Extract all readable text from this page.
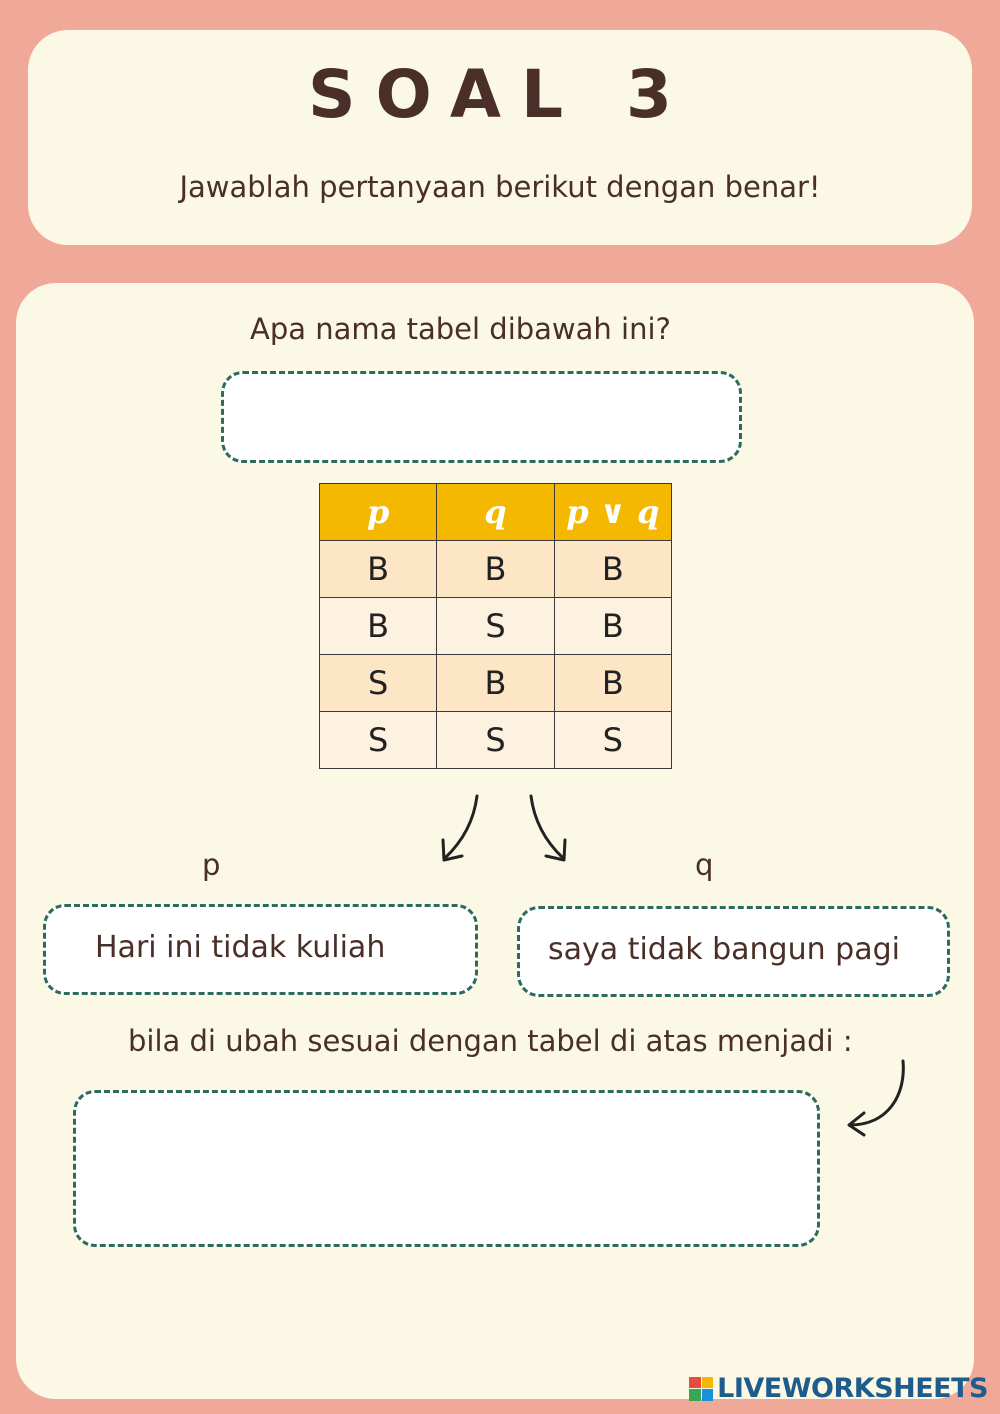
SOAL 3
Jawablah pertanyaan berikut dengan benar!
Apa nama tabel dibawah ini?
p	q	p ∨ q
B	B	B
B	S	B
S	B	B
S	S	S
p	q
Hari ini tidak kuliah	saya tidak bangun pagi
bila di ubah sesuai dengan tabel di atas menjadi :
LIVEWORKSHEETS
